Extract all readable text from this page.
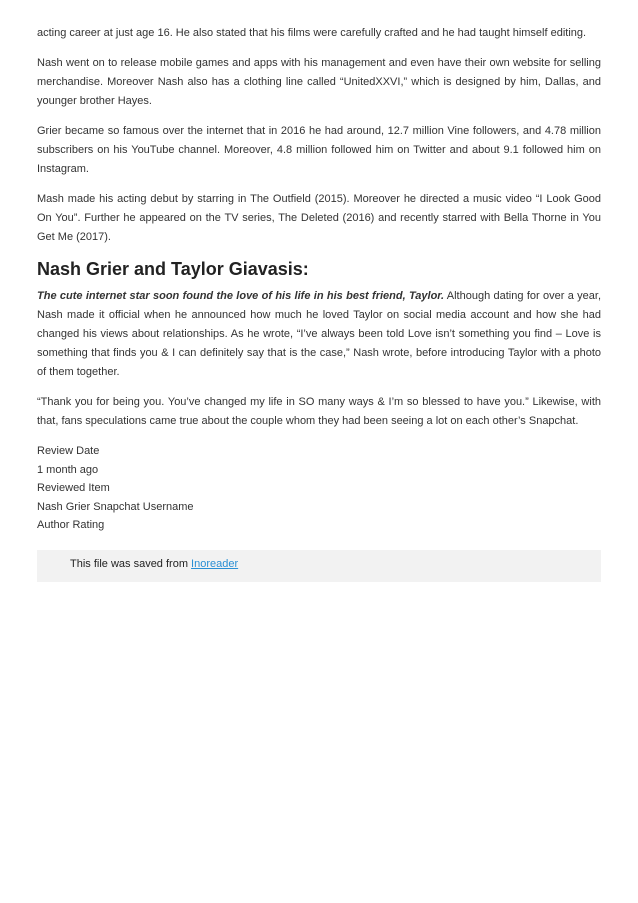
acting career at just age 16. He also stated that his films were carefully crafted and he had taught himself editing.

Nash went on to release mobile games and apps with his management and even have their own website for selling merchandise. Moreover Nash also has a clothing line called “UnitedXXVI,” which is designed by him, Dallas, and younger brother Hayes.

Grier became so famous over the internet that in 2016 he had around, 12.7 million Vine followers, and 4.78 million subscribers on his YouTube channel. Moreover, 4.8 million followed him on Twitter and about 9.1 followed him on Instagram.

Mash made his acting debut by starring in The Outfield (2015). Moreover he directed a music video “I Look Good On You”. Further he appeared on the TV series, The Deleted (2016) and recently starred with Bella Thorne in You Get Me (2017).

Nash Grier and Taylor Giavasis:

The cute internet star soon found the love of his life in his best friend, Taylor. Although dating for over a year, Nash made it official when he announced how much he loved Taylor on social media account and how she had changed his views about relationships. As he wrote, “I’ve always been told Love isn’t something you find – Love is something that finds you & I can definitely say that is the case,” Nash wrote, before introducing Taylor with a photo of them together.

“Thank you for being you. You’ve changed my life in SO many ways & I’m so blessed to have you.” Likewise, with that, fans speculations came true about the couple whom they had been seeing a lot on each other’s Snapchat.

Review Date
1 month ago
Reviewed Item
Nash Grier Snapchat Username
Author Rating
This file was saved from Inoreader
